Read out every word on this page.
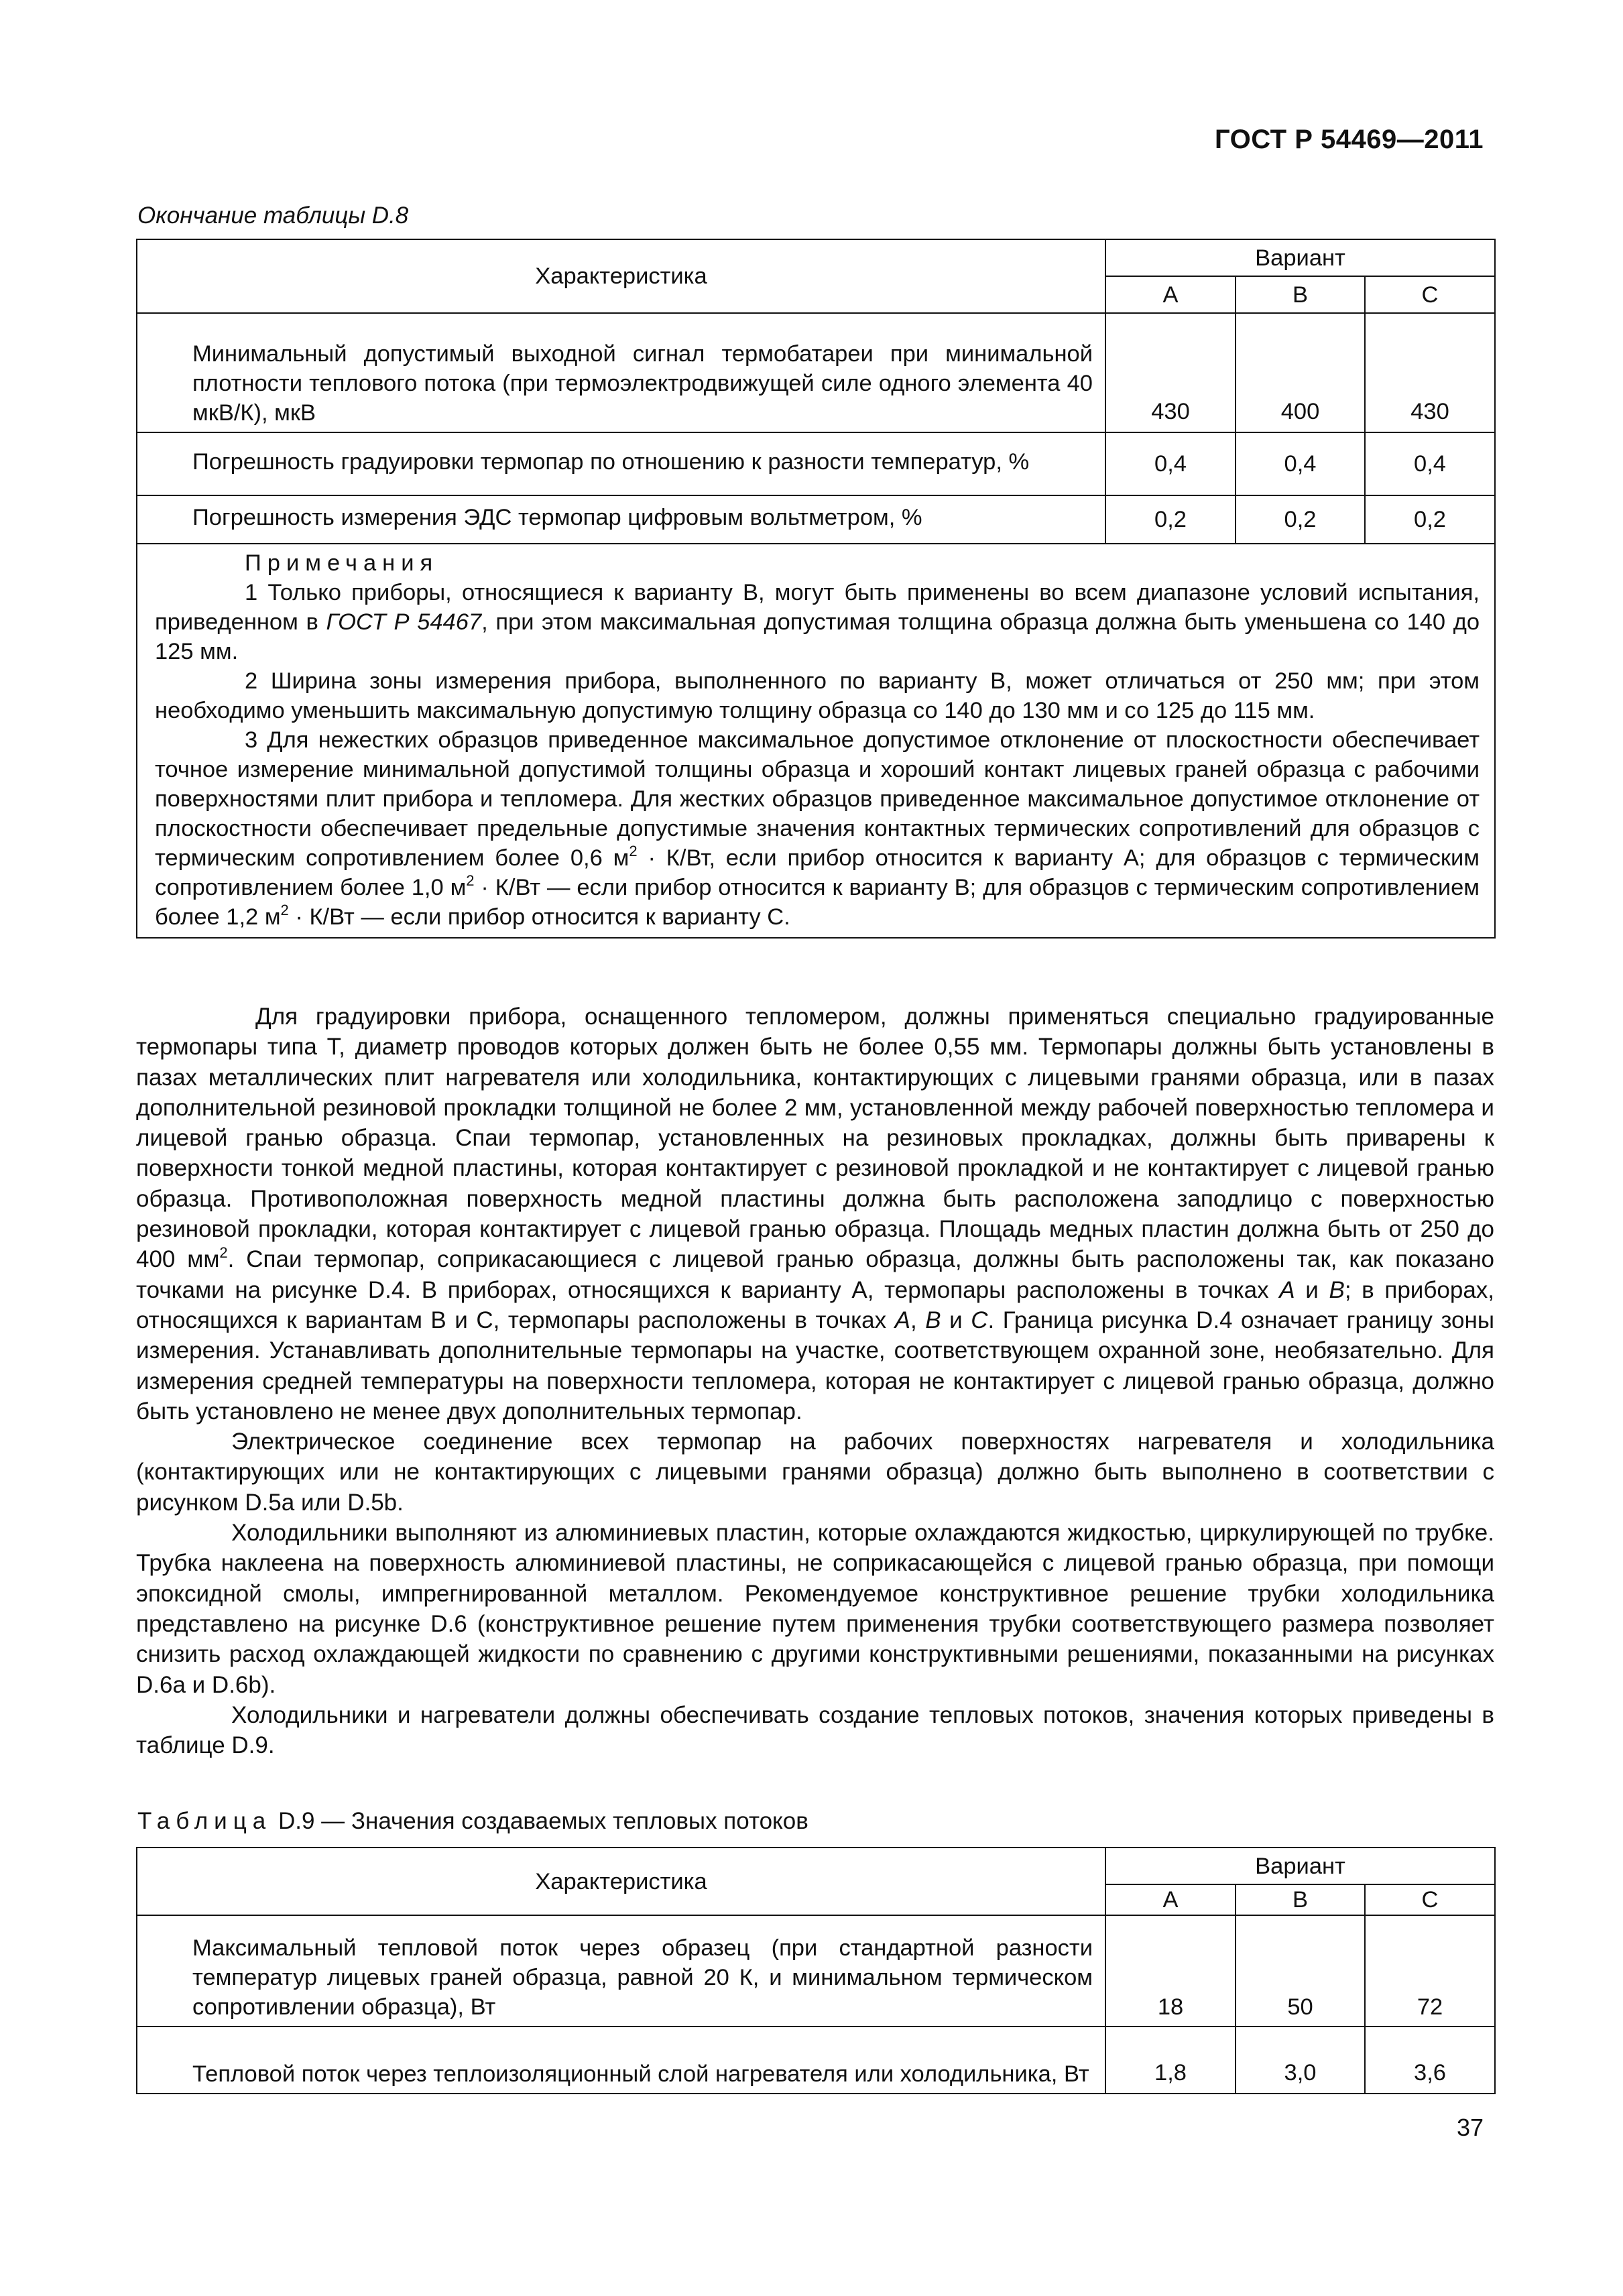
ГОСТ Р 54469—2011
Окончание таблицы D.8
Характеристика	Вариант		
	А	В	С

Минимальный допустимый выходной сигнал термобатареи при минимальной плотности теплового потока (при термоэлектродвижущей силе одного элемента 40 мкВ/К), мкВ	430	400	430

Погрешность градуировки термопар по отношению к разности температур, %	0,4	0,4	0,4

Погрешность измерения ЭДС термопар цифровым вольтметром, %	0,2	0,2	0,2

Примечания

1 Только приборы, относящиеся к варианту В, могут быть применены во всем диапазоне условий испытания, приведенном в ГОСТ Р 54467, при этом максимальная допустимая толщина образца должна быть уменьшена со 140 до 125 мм.

2 Ширина зоны измерения прибора, выполненного по варианту В, может отличаться от 250 мм; при этом необходимо уменьшить максимальную допустимую толщину образца со 140 до 130 мм и со 125 до 115 мм.

3 Для нежестких образцов приведенное максимальное допустимое отклонение от плоскостности обеспечивает точное измерение минимальной допустимой толщины образца и хороший контакт лицевых граней образца с рабочими поверхностями плит прибора и тепломера. Для жестких образцов приведенное максимальное допустимое отклонение от плоскостности обеспечивает предельные допустимые значения контактных термических сопротивлений для образцов с термическим сопротивлением более 0,6 $м^2 \cdot К/Вт$, если прибор относится к варианту А; для образцов с термическим сопротивлением более 1,0 $м^2 \cdot К/Вт$ — если прибор относится к варианту В; для образцов с термическим сопротивлением более 1,2 $м^2 \cdot К/Вт$ — если прибор относится к варианту С.			

Для градуировки прибора, оснащенного тепломером, должны применяться специально градуированные термопары типа Т, диаметр проводов которых должен быть не более 0,55 мм. Термопары должны быть установлены в пазах металлических плит нагревателя или холодильника, контактирующих с лицевыми гранями образца, или в пазах дополнительной резиновой прокладки толщиной не более 2 мм, установленной между рабочей поверхностью тепломера и лицевой гранью образца. Спаи термопар, установленных на резиновых прокладках, должны быть приварены к поверхности тонкой медной пластины, которая контактирует с резиновой прокладкой и не контактирует с лицевой гранью образца. Противоположная поверхность медной пластины должна быть расположена заподлицо с поверхностью резиновой прокладки, которая контактирует с лицевой гранью образца. Площадь медных пластин должна быть от 250 до 400 $мм^2$. Спаи термопар, соприкасающиеся с лицевой гранью образца, должны быть расположены так, как показано точками на рисунке D.4. В приборах, относящихся к варианту А, термопары расположены в точках A и B; в приборах, относящихся к вариантам В и С, термопары расположены в точках A, B и C. Граница рисунка D.4 означает границу зоны измерения. Устанавливать дополнительные термопары на участке, соответствующем охранной зоне, необязательно. Для измерения средней температуры на поверхности тепломера, которая не контактирует с лицевой гранью образца, должно быть установлено не менее двух дополнительных термопар.

Электрическое соединение всех термопар на рабочих поверхностях нагревателя и холодильника (контактирующих или не контактирующих с лицевыми гранями образца) должно быть выполнено в соответствии с рисунком D.5a или D.5b.

Холодильники выполняют из алюминиевых пластин, которые охлаждаются жидкостью, циркулирующей по трубке. Трубка наклеена на поверхность алюминиевой пластины, не соприкасающейся с лицевой гранью образца, при помощи эпоксидной смолы, импрегнированной металлом. Рекомендуемое конструктивное решение трубки холодильника представлено на рисунке D.6 (конструктивное решение путем применения трубки соответствующего размера позволяет снизить расход охлаждающей жидкости по сравнению с другими конструктивными решениями, показанными на рисунках D.6a и D.6b).

Холодильники и нагреватели должны обеспечивать создание тепловых потоков, значения которых приведены в таблице D.9.

Таблица D.9 — Значения создаваемых тепловых потоков
Характеристика	Вариант		
	А	В	С

Максимальный тепловой поток через образец (при стандартной разности температур лицевых граней образца, равной 20 К, и минимальном термическом сопротивлении образца), Вт	18	50	72

Тепловой поток через теплоизоляционный слой нагревателя или холодильника, Вт	1,8	3,0	3,6
37
